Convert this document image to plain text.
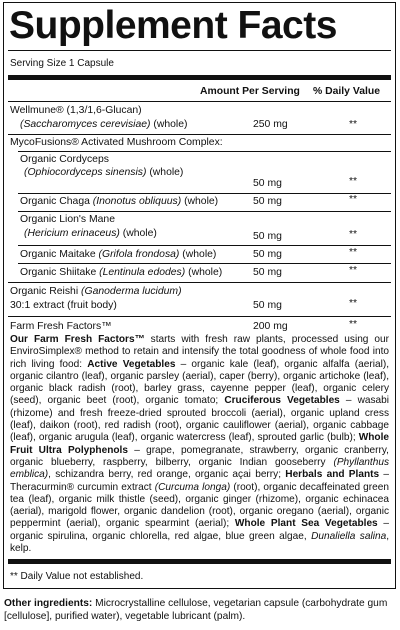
Supplement Facts
Serving Size 1 Capsule
Amount Per Serving % Daily Value
Wellmune® (1,3/1,6-Glucan)
(Saccharomyces cerevisiae) (whole)	250 mg	**
MycoFusions® Activated Mushroom Complex:
Organic Cordyceps
(Ophiocordyceps sinensis) (whole)
50 mg	**
Organic Chaga (Inonotus obliquus) (whole)	50 mg	**
Organic Lion's Mane
(Hericium erinaceus) (whole)	50 mg	**
Organic Maitake (Grifola frondosa) (whole)	50 mg	**
Organic Shiitake (Lentinula edodes) (whole)	50 mg	**
Organic Reishi (Ganoderma lucidum)
30:1 extract (fruit body)	50 mg	**
Farm Fresh Factors™	200 mg	**
Our Farm Fresh Factors™ starts with fresh raw plants, processed using our EnviroSimplex® method to retain and intensify the total goodness of whole food into rich living food: Active Vegetables – organic kale (leaf), organic alfalfa (aerial), organic cilantro (leaf), organic parsley (aerial), caper (berry), organic artichoke (leaf), organic black radish (root), barley grass, cayenne pepper (leaf), organic celery (seed), organic beet (root), organic tomato; Cruciferous Vegetables – wasabi (rhizome) and fresh freeze-dried sprouted broccoli (aerial), organic upland cress (leaf), daikon (root), red radish (root), organic cauliflower (aerial), organic cabbage (leaf), organic arugula (leaf), organic watercress (leaf), sprouted garlic (bulb); Whole Fruit Ultra Polyphenols – grape, pomegranate, strawberry, organic cranberry, organic blueberry, raspberry, bilberry, organic Indian gooseberry (Phyllanthus emblica), schizandra berry, red orange, organic açai berry; Herbals and Plants – Theracurmin® curcumin extract (Curcuma longa) (root), organic decaffeinated green tea (leaf), organic milk thistle (seed), organic ginger (rhizome), organic echinacea (aerial), marigold flower, organic dandelion (root), organic oregano (aerial), organic peppermint (aerial), organic spearmint (aerial); Whole Plant Sea Vegetables – organic spirulina, organic chlorella, red algae, blue green algae, Dunaliella salina, kelp.
** Daily Value not established.
Other ingredients: Microcrystalline cellulose, vegetarian capsule (carbohydrate gum [cellulose], purified water), vegetable lubricant (palm).
